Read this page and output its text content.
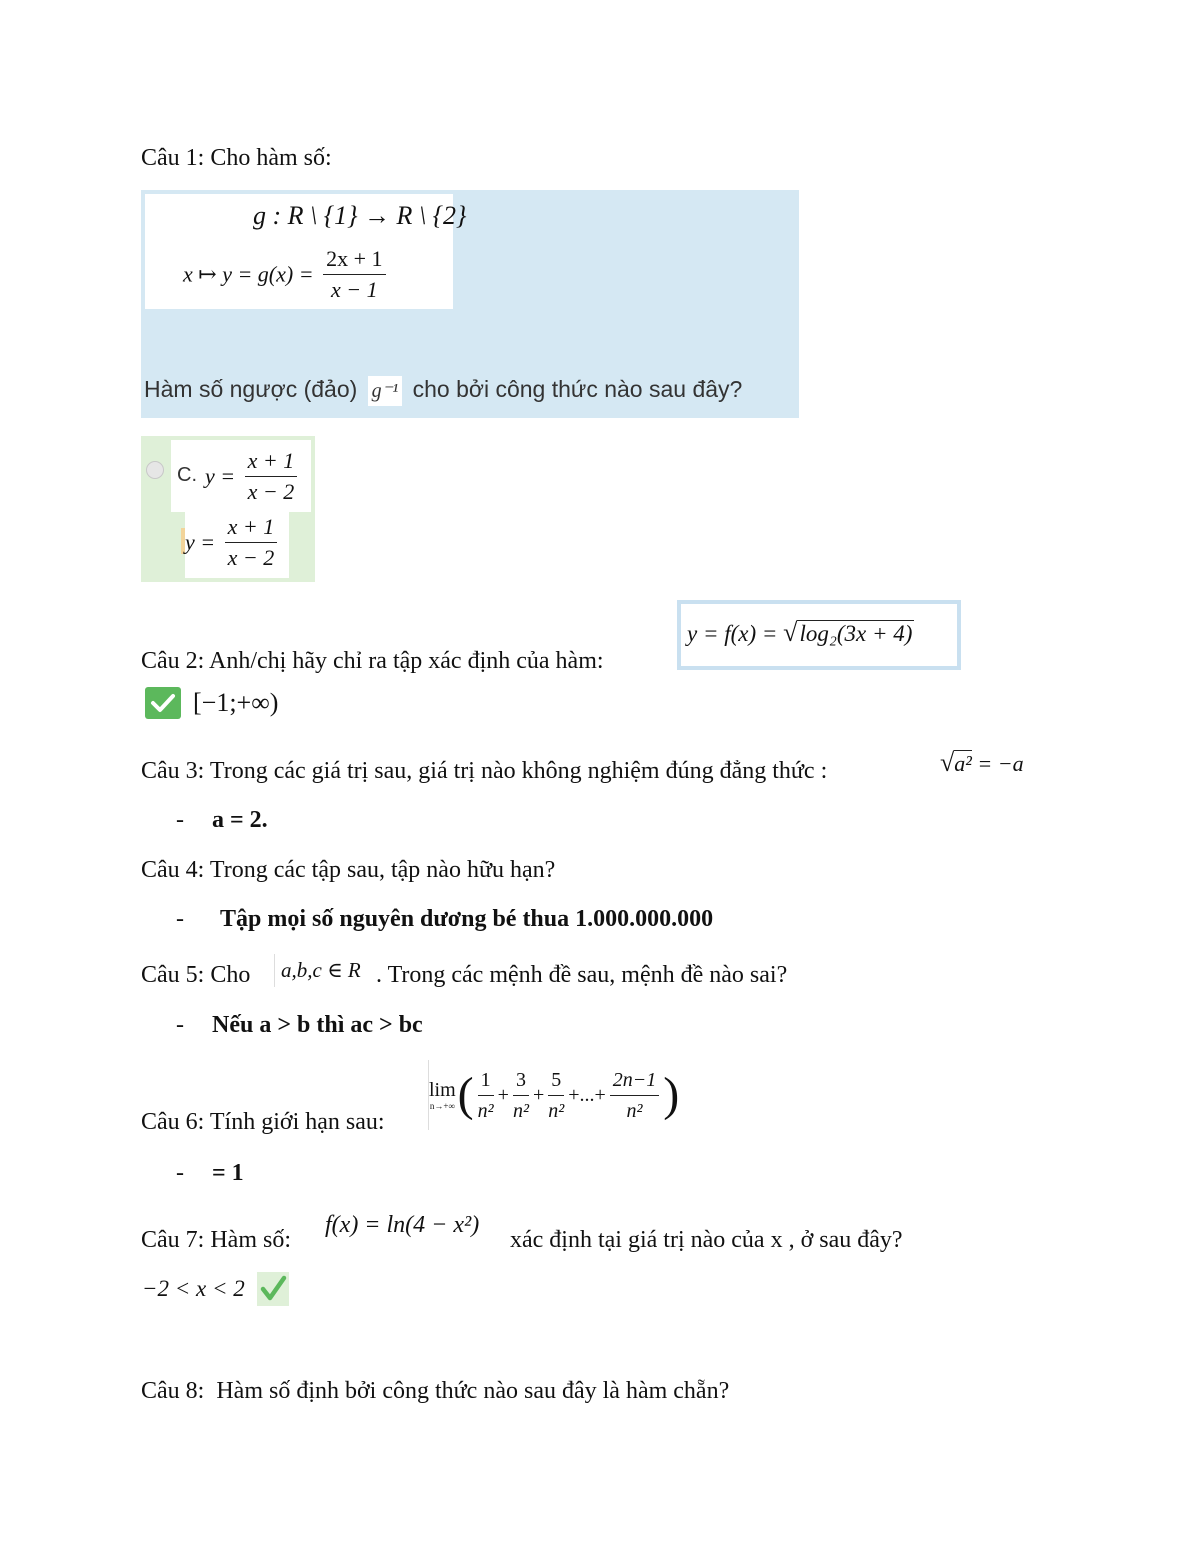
Câu 1: Cho hàm số:
g : R \ {1} → R \ {2}
x ↦ $y = g(x) = \frac{2x + 1}{x - 1}$
Hàm số ngược (đảo) g⁻¹ cho bởi công thức nào sau đây?
C. $y = \frac{x + 1}{x - 2}$
$y = \frac{x + 1}{x - 2}$
Câu 2: Anh/chị hãy chỉ ra tập xác định của hàm:
y = f(x) = √log₂(3x + 4)
[−1;+∞)
Câu 3: Trong các giá trị sau, giá trị nào không nghiệm đúng đẳng thức :	√a² = −a
- a = 2.
Câu 4: Trong các tập sau, tập nào hữu hạn?
- Tập mọi số nguyên dương bé thua 1.000.000.000
Câu 5: Cho	a,b,c ∈ R . Trong các mệnh đề sau, mệnh đề nào sai?
- Nếu a > b thì ac > bc
Câu 6: Tính giới hạn sau:
lim
n→+∞ ( $\frac{1}{\text{n²}} + \frac{3}{\text{n²}} + \frac{5}{\text{n²}}$ +...+ $\frac{2n-1}{\text{n²}}$ )
- = 1
Câu 7: Hàm số:
f(x) = ln(4 − x²)
xác định tại giá trị nào của x , ở sau đây?
−2 < x < 2
Câu 8:  Hàm số định bởi công thức nào sau đây là hàm chẵn?
